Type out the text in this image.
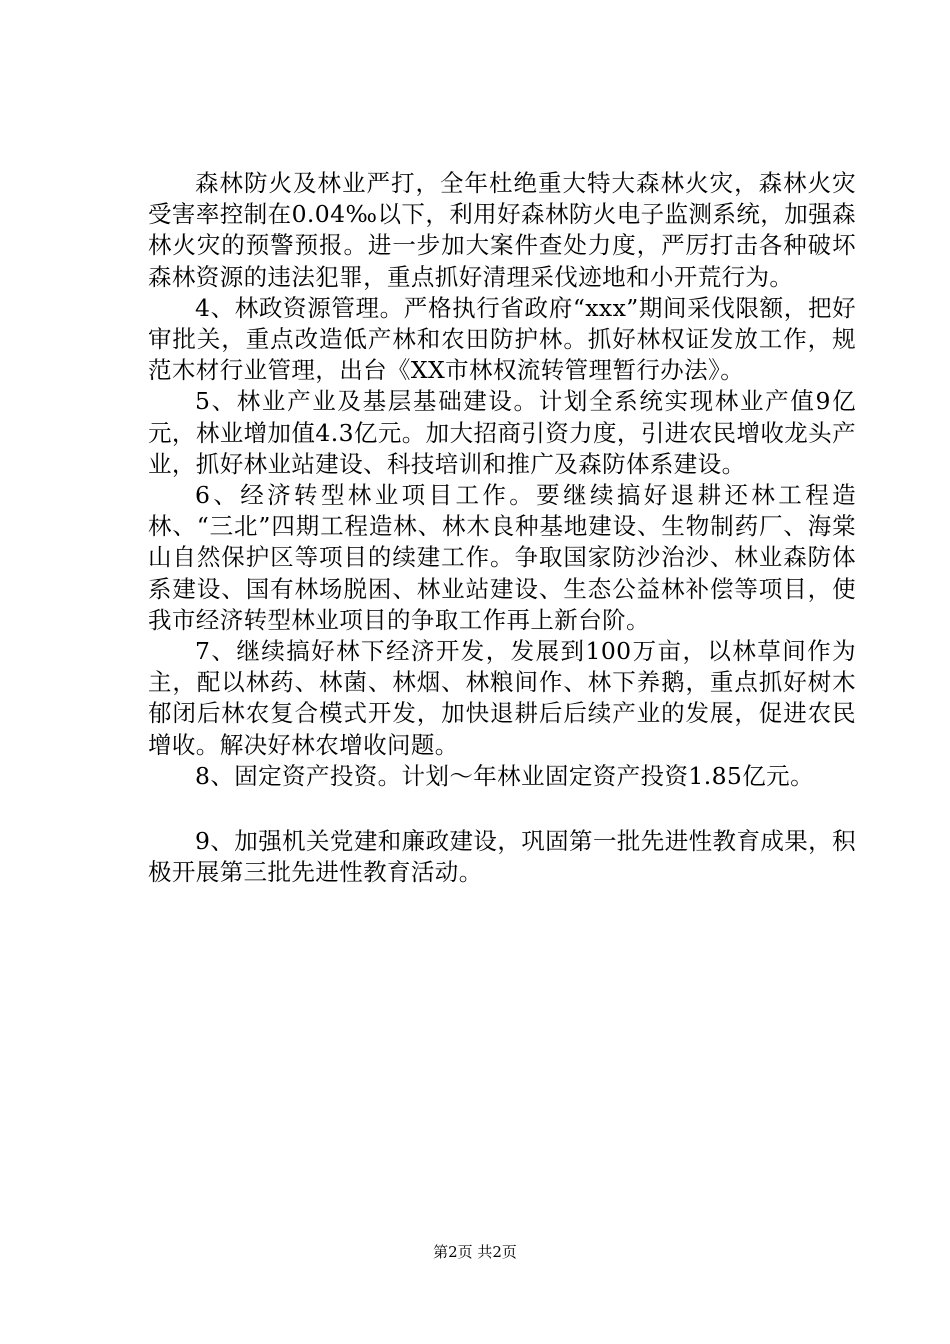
森林防火及林业严打，全年杜绝重大特大森林火灾，森林火灾受害率控制在0.04‰以下，利用好森林防火电子监测系统，加强森林火灾的预警预报。进一步加大案件查处力度，严厉打击各种破坏森林资源的违法犯罪，重点抓好清理采伐迹地和小开荒行为。

4、林政资源管理。严格执行省政府“xxx”期间采伐限额，把好审批关，重点改造低产林和农田防护林。抓好林权证发放工作，规范木材行业管理，出台《XX市林权流转管理暂行办法》。

5、林业产业及基层基础建设。计划全系统实现林业产值9亿元，林业增加值4.3亿元。加大招商引资力度，引进农民增收龙头产业，抓好林业站建设、科技培训和推广及森防体系建设。

6、经济转型林业项目工作。要继续搞好退耕还林工程造林、“三北”四期工程造林、林木良种基地建设、生物制药厂、海棠山自然保护区等项目的续建工作。争取国家防沙治沙、林业森防体系建设、国有林场脱困、林业站建设、生态公益林补偿等项目，使我市经济转型林业项目的争取工作再上新台阶。

7、继续搞好林下经济开发，发展到100万亩，以林草间作为主，配以林药、林菌、林烟、林粮间作、林下养鹅，重点抓好树木郁闭后林农复合模式开发，加快退耕后后续产业的发展，促进农民增收。解决好林农增收问题。

8、固定资产投资。计划～年林业固定资产投资1.85亿元。

9、加强机关党建和廉政建设，巩固第一批先进性教育成果，积极开展第三批先进性教育活动。

第2页 共2页
